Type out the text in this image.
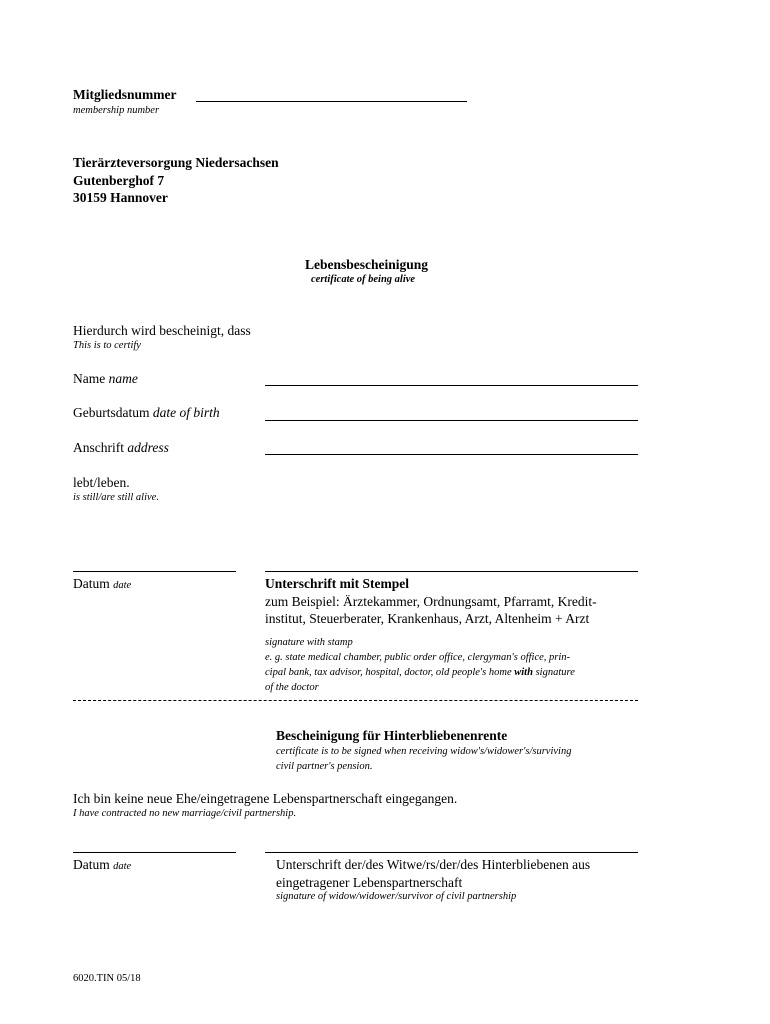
Mitgliedsnummer
membership number
Tierärzteversorgung Niedersachsen
Gutenberghof 7
30159 Hannover
Lebensbescheinigung
certificate of being alive
Hierdurch wird bescheinigt, dass
This is to certify
Name name
Geburtsdatum date of birth
Anschrift address
lebt/leben.
is still/are still alive.
Datum date	Unterschrift mit Stempel
zum Beispiel: Ärztekammer, Ordnungsamt, Pfarramt, Kredit-
institut, Steuerberater, Krankenhaus, Arzt, Altenheim + Arzt
signature with stamp
e. g. state medical chamber, public order office, clergyman's office, prin-
cipal bank, tax advisor, hospital, doctor, old people's home with signature
of the doctor
Bescheinigung für Hinterbliebenenrente
certificate is to be signed when receiving widow's/widower's/surviving
civil partner's pension.
Ich bin keine neue Ehe/eingetragene Lebenspartnerschaft eingegangen.
I have contracted no new marriage/civil partnership.
Datum date	Unterschrift der/des Witwe/rs/der/des Hinterbliebenen aus
eingetragener Lebenspartnerschaft
signature of widow/widower/survivor of civil partnership
6020.TIN 05/18
